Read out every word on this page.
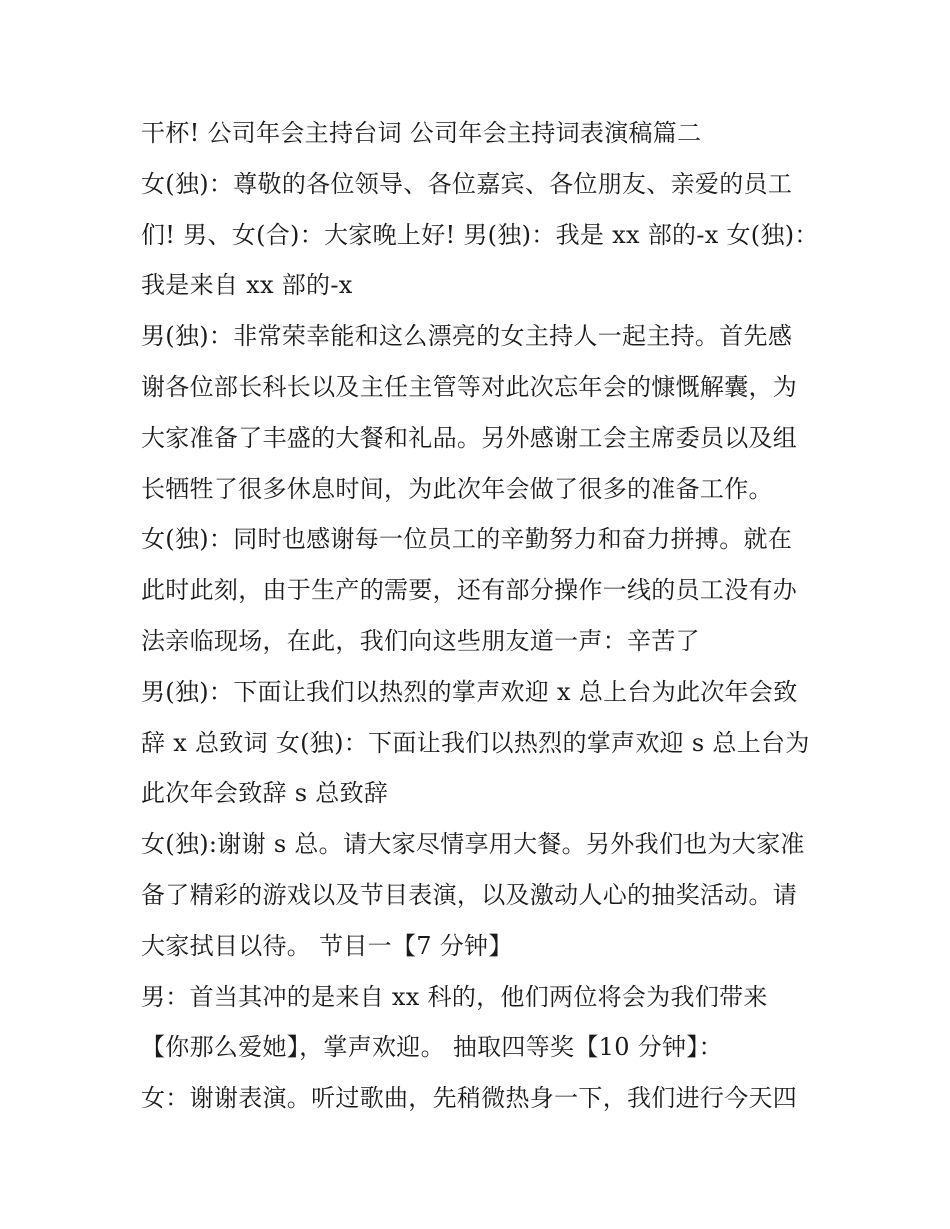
干杯! 公司年会主持台词 公司年会主持词表演稿篇二
女(独)：尊敬的各位领导、各位嘉宾、各位朋友、亲爱的员工
们! 男、女(合)：大家晚上好! 男(独)：我是 xx 部的-x 女(独)：
我是来自 xx 部的-x
男(独)：非常荣幸能和这么漂亮的女主持人一起主持。首先感
谢各位部长科长以及主任主管等对此次忘年会的慷慨解囊，为
大家准备了丰盛的大餐和礼品。另外感谢工会主席委员以及组
长牺牲了很多休息时间，为此次年会做了很多的准备工作。
女(独)：同时也感谢每一位员工的辛勤努力和奋力拼搏。就在
此时此刻，由于生产的需要，还有部分操作一线的员工没有办
法亲临现场，在此，我们向这些朋友道一声：辛苦了
男(独)：下面让我们以热烈的掌声欢迎 x 总上台为此次年会致
辞 x 总致词 女(独)：下面让我们以热烈的掌声欢迎 s 总上台为
此次年会致辞 s 总致辞
女(独):谢谢 s 总。请大家尽情享用大餐。另外我们也为大家准
备了精彩的游戏以及节目表演，以及激动人心的抽奖活动。请
大家拭目以待。 节目一【7 分钟】
男：首当其冲的是来自 xx 科的，他们两位将会为我们带来
【你那么爱她】，掌声欢迎。 抽取四等奖【10 分钟】：
女：谢谢表演。听过歌曲，先稍微热身一下，我们进行今天四
